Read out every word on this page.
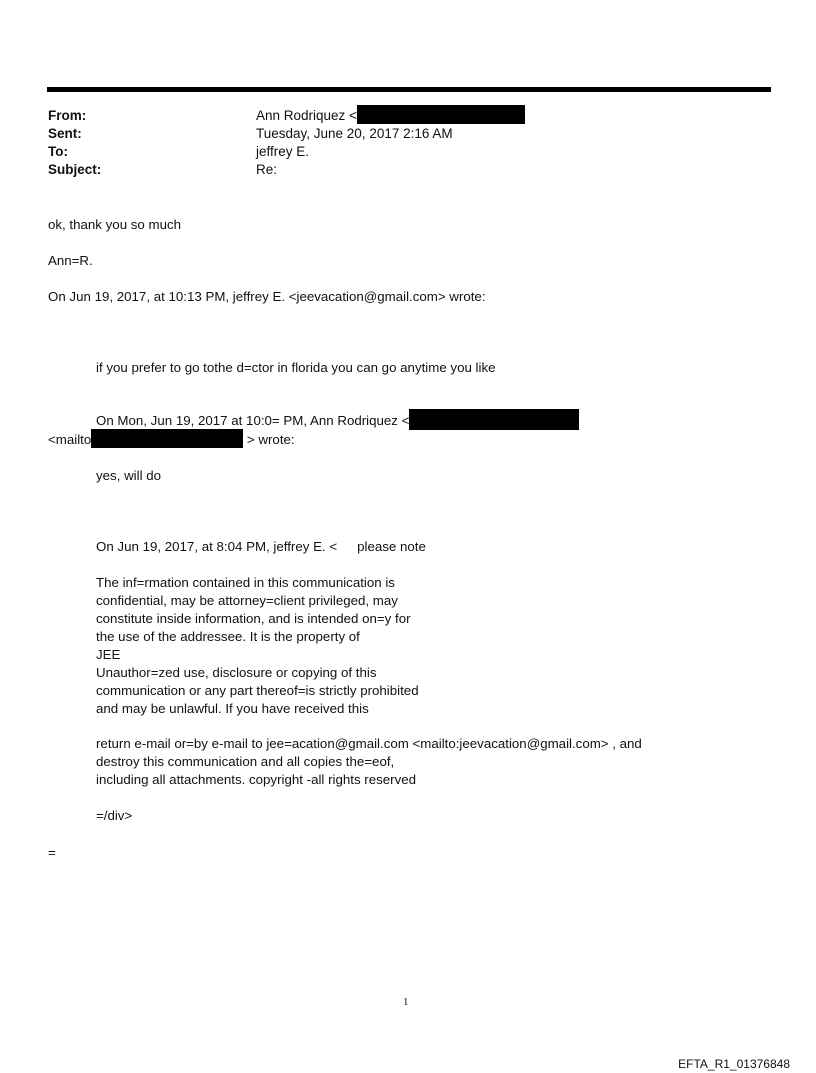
From:	Ann Rodriquez <
Sent:	Tuesday, June 20, 2017 2:16 AM
To:	jeffrey E.
Subject:	Re:
ok, thank you so much
Ann=R.
On Jun 19, 2017, at 10:13 PM, jeffrey E. <jeevacation@gmail.com> wrote:
if you prefer to go tothe d=ctor in florida you can go anytime you like
On Mon, Jun 19, 2017 at 10:0= PM, Ann Rodriquez <
<mailto	> wrote:
yes, will do
On Jun 19, 2017, at 8:04 PM, jeffrey E. < please note
The inf=rmation contained in this communication is
confidential, may be attorney=client privileged, may
constitute inside information, and is intended on=y for
the use of the addressee. It is the property of
JEE
Unauthor=zed use, disclosure or copying of this
communication or any part thereof=is strictly prohibited
and may be unlawful. If you have received this
return e-mail or=by e-mail to jee=acation@gmail.com <mailto:jeevacation@gmail.com> , and
destroy this communication and all copies the=eof,
including all attachments. copyright -all rights reserved
=/div>
=
1
EFTA_R1_01376848
